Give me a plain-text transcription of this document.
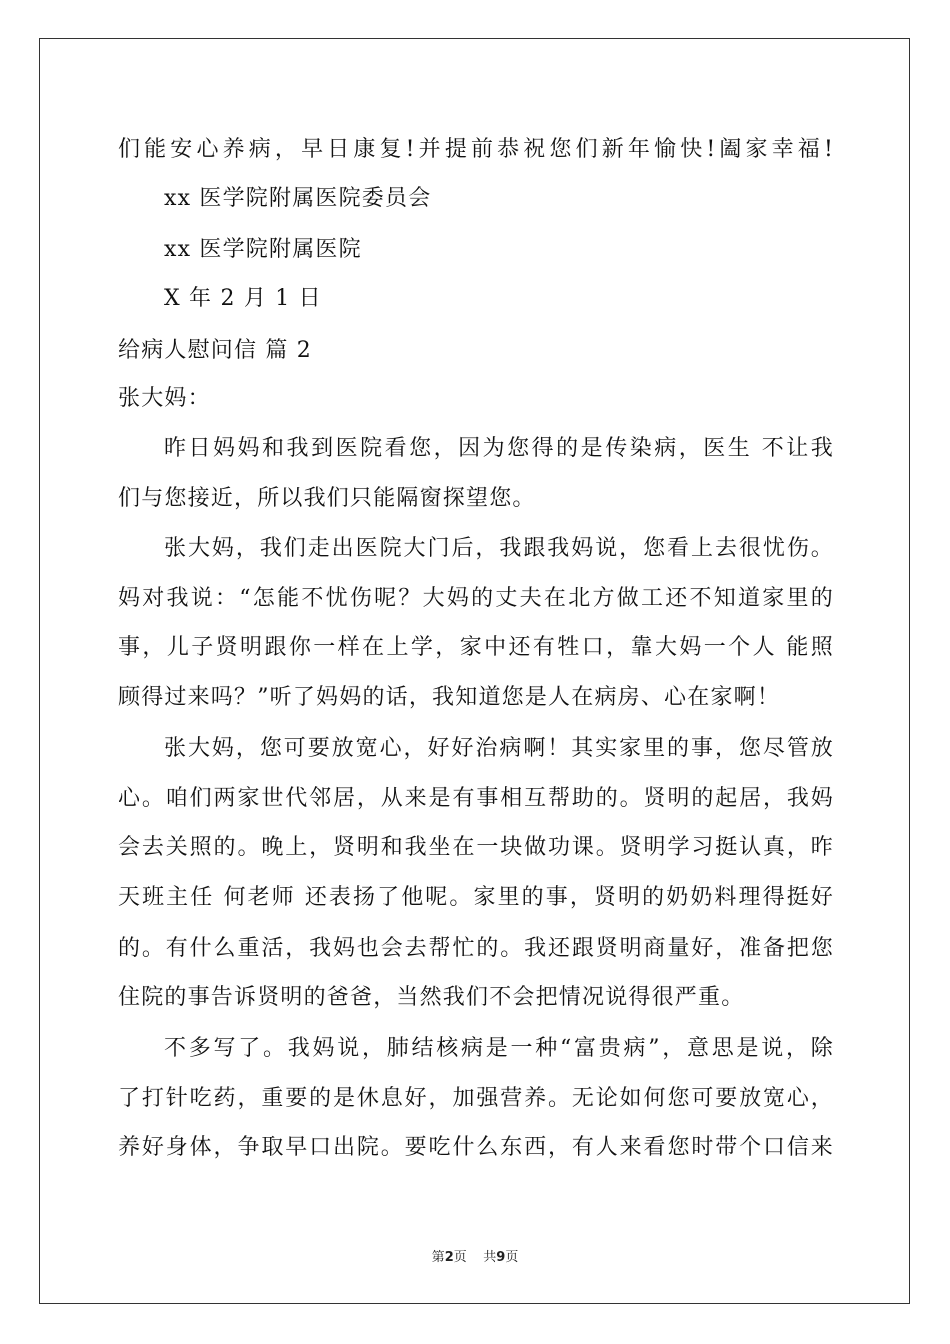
们能安心养病，早日康复!并提前恭祝您们新年愉快!阖家幸福!
xx 医学院附属医院委员会
xx 医学院附属医院
X 年 2 月 1 日
给病人慰问信 篇 2
张大妈：
昨日妈妈和我到医院看您，因为您得的是传染病，医生 不让我
们与您接近，所以我们只能隔窗探望您。
张大妈，我们走出医院大门后，我跟我妈说，您看上去很忧伤。
妈对我说：“怎能不忧伤呢？大妈的丈夫在北方做工还不知道家里的
事，儿子贤明跟你一样在上学，家中还有牲口，靠大妈一个人 能照
顾得过来吗？”听了妈妈的话，我知道您是人在病房、心在家啊！
张大妈，您可要放宽心，好好治病啊！其实家里的事，您尽管放
心。咱们两家世代邻居，从来是有事相互帮助的。贤明的起居，我妈
会去关照的。晚上，贤明和我坐在一块做功课。贤明学习挺认真，昨
天班主任 何老师 还表扬了他呢。家里的事，贤明的奶奶料理得挺好
的。有什么重活，我妈也会去帮忙的。我还跟贤明商量好，准备把您
住院的事告诉贤明的爸爸，当然我们不会把情况说得很严重。
不多写了。我妈说，肺结核病是一种“富贵病”，意思是说，除
了打针吃药，重要的是休息好，加强营养。无论如何您可要放宽心，
养好身体，争取早口出院。要吃什么东西，有人来看您时带个口信来
第2页    共9页
